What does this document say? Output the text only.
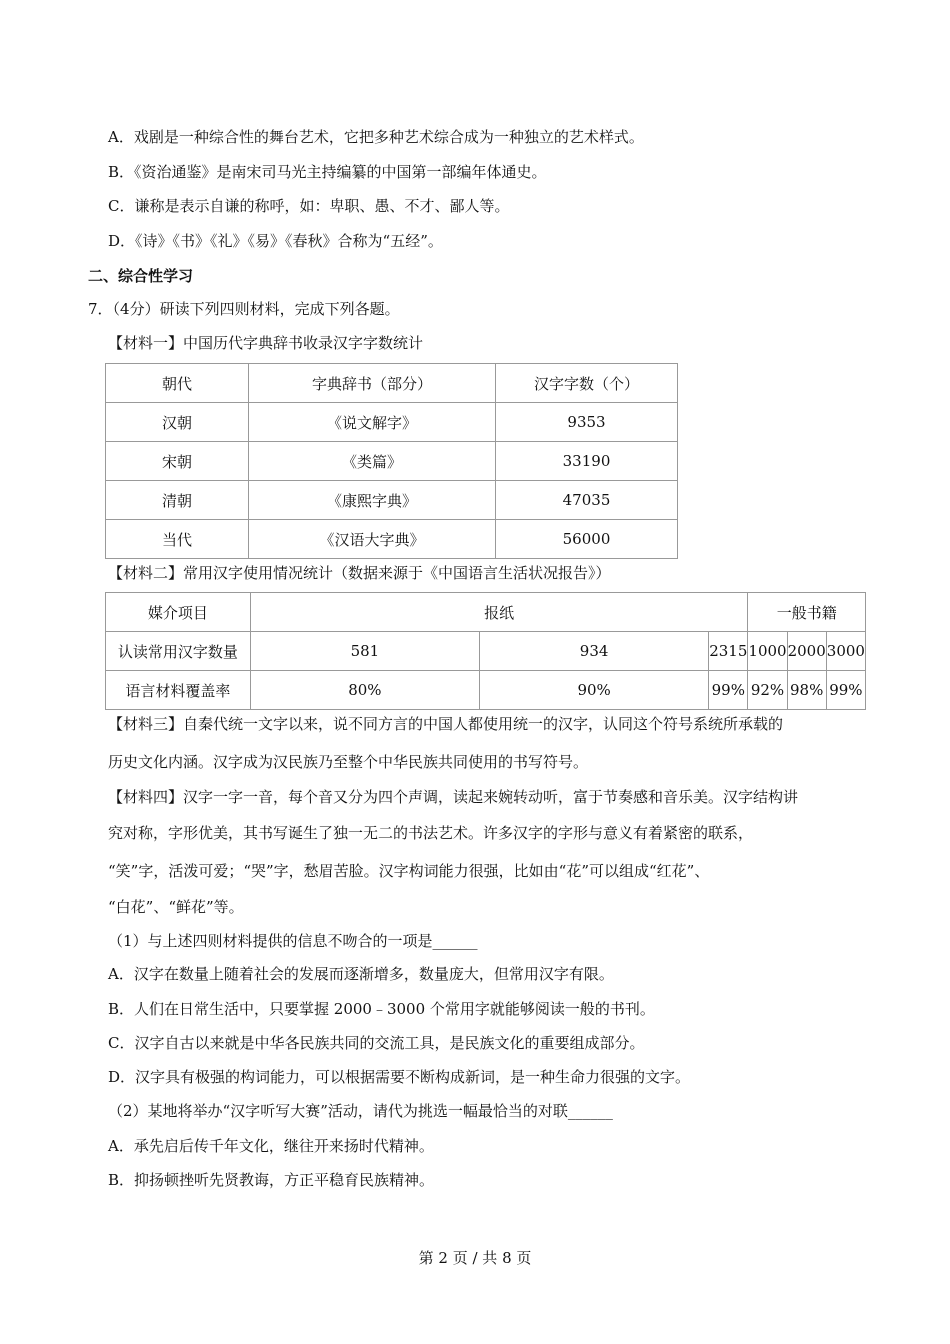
A．戏剧是一种综合性的舞台艺术，它把多种艺术综合成为一种独立的艺术样式。
B．《资治通鉴》是南宋司马光主持编纂的中国第一部编年体通史。
C．谦称是表示自谦的称呼，如：卑职、愚、不才、鄙人等。
D．《诗》《书》《礼》《易》《春秋》合称为“五经”。
二、综合性学习
7．（4分）研读下列四则材料，完成下列各题。
【材料一】中国历代字典辞书收录汉字字数统计
朝代	字典辞书（部分）	汉字字数（个）
汉朝	《说文解字》	9353
宋朝	《类篇》	33190
清朝	《康熙字典》	47035
当代	《汉语大字典》	56000
【材料二】常用汉字使用情况统计（数据来源于《中国语言生活状况报告》）
媒介项目	报纸			一般书籍		
认读常用汉字数量	581	934	2315	1000	2000	3000
语言材料覆盖率	80%	90%	99%	92%	98%	99%
【材料三】自秦代统一文字以来，说不同方言的中国人都使用统一的汉字，认同这个符号系统所承载的
历史文化内涵。汉字成为汉民族乃至整个中华民族共同使用的书写符号。
【材料四】汉字一字一音，每个音又分为四个声调，读起来婉转动听，富于节奏感和音乐美。汉字结构讲
究对称，字形优美，其书写诞生了独一无二的书法艺术。许多汉字的字形与意义有着紧密的联系，
“笑”字，活泼可爱；“哭”字，愁眉苦脸。汉字构词能力很强，比如由“花”可以组成“红花”、
“白花”、“鲜花”等。
（1）与上述四则材料提供的信息不吻合的一项是______
A．汉字在数量上随着社会的发展而逐渐增多，数量庞大，但常用汉字有限。
B．人们在日常生活中，只要掌握 2000﹣3000 个常用字就能够阅读一般的书刊。
C．汉字自古以来就是中华各民族共同的交流工具，是民族文化的重要组成部分。
D．汉字具有极强的构词能力，可以根据需要不断构成新词，是一种生命力很强的文字。
（2）某地将举办“汉字听写大赛”活动，请代为挑选一幅最恰当的对联______
A．承先启后传千年文化，继往开来扬时代精神。
B．抑扬顿挫听先贤教诲，方正平稳育民族精神。
第 2 页 / 共 8 页
